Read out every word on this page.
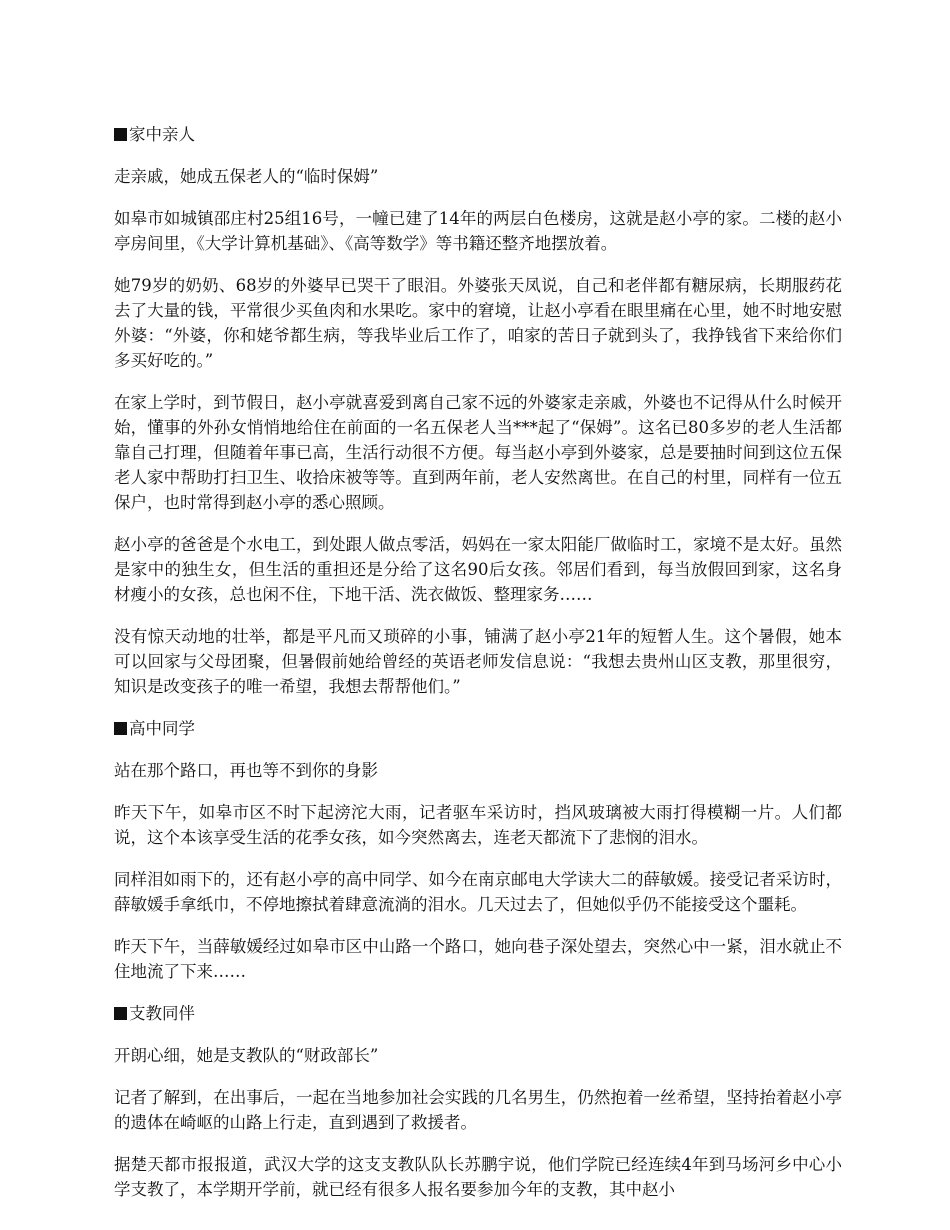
家中亲人
走亲戚，她成五保老人的“临时保姆”
如皋市如城镇邵庄村25组16号，一幢已建了14年的两层白色楼房，这就是赵小亭的家。二楼的赵小亭房间里，《大学计算机基础》、《高等数学》等书籍还整齐地摆放着。
她79岁的奶奶、68岁的外婆早已哭干了眼泪。外婆张天凤说，自己和老伴都有糖尿病，长期服药花去了大量的钱，平常很少买鱼肉和水果吃。家中的窘境，让赵小亭看在眼里痛在心里，她不时地安慰外婆：“外婆，你和姥爷都生病，等我毕业后工作了，咱家的苦日子就到头了，我挣钱省下来给你们多买好吃的。”
在家上学时，到节假日，赵小亭就喜爱到离自己家不远的外婆家走亲戚，外婆也不记得从什么时候开始，懂事的外孙女悄悄地给住在前面的一名五保老人当***起了“保姆”。这名已80多岁的老人生活都靠自己打理，但随着年事已高，生活行动很不方便。每当赵小亭到外婆家，总是要抽时间到这位五保老人家中帮助打扫卫生、收拾床被等等。直到两年前，老人安然离世。在自己的村里，同样有一位五保户，也时常得到赵小亭的悉心照顾。
赵小亭的爸爸是个水电工，到处跟人做点零活，妈妈在一家太阳能厂做临时工，家境不是太好。虽然是家中的独生女，但生活的重担还是分给了这名90后女孩。邻居们看到，每当放假回到家，这名身材瘦小的女孩，总也闲不住，下地干活、洗衣做饭、整理家务……
没有惊天动地的壮举，都是平凡而又琐碎的小事，铺满了赵小亭21年的短暂人生。这个暑假，她本可以回家与父母团聚，但暑假前她给曾经的英语老师发信息说：“我想去贵州山区支教，那里很穷，知识是改变孩子的唯一希望，我想去帮帮他们。”
高中同学
站在那个路口，再也等不到你的身影
昨天下午，如皋市区不时下起滂沱大雨，记者驱车采访时，挡风玻璃被大雨打得模糊一片。人们都说，这个本该享受生活的花季女孩，如今突然离去，连老天都流下了悲悯的泪水。
同样泪如雨下的，还有赵小亭的高中同学、如今在南京邮电大学读大二的薛敏媛。接受记者采访时，薛敏媛手拿纸巾，不停地擦拭着肆意流淌的泪水。几天过去了，但她似乎仍不能接受这个噩耗。
昨天下午，当薛敏媛经过如皋市区中山路一个路口，她向巷子深处望去，突然心中一紧，泪水就止不住地流了下来……
支教同伴
开朗心细，她是支教队的“财政部长”
记者了解到，在出事后，一起在当地参加社会实践的几名男生，仍然抱着一丝希望，坚持抬着赵小亭的遗体在崎岖的山路上行走，直到遇到了救援者。
据楚天都市报报道，武汉大学的这支支教队队长苏鹏宇说，他们学院已经连续4年到马场河乡中心小学支教了，本学期开学前，就已经有很多人报名要参加今年的支教，其中赵小
